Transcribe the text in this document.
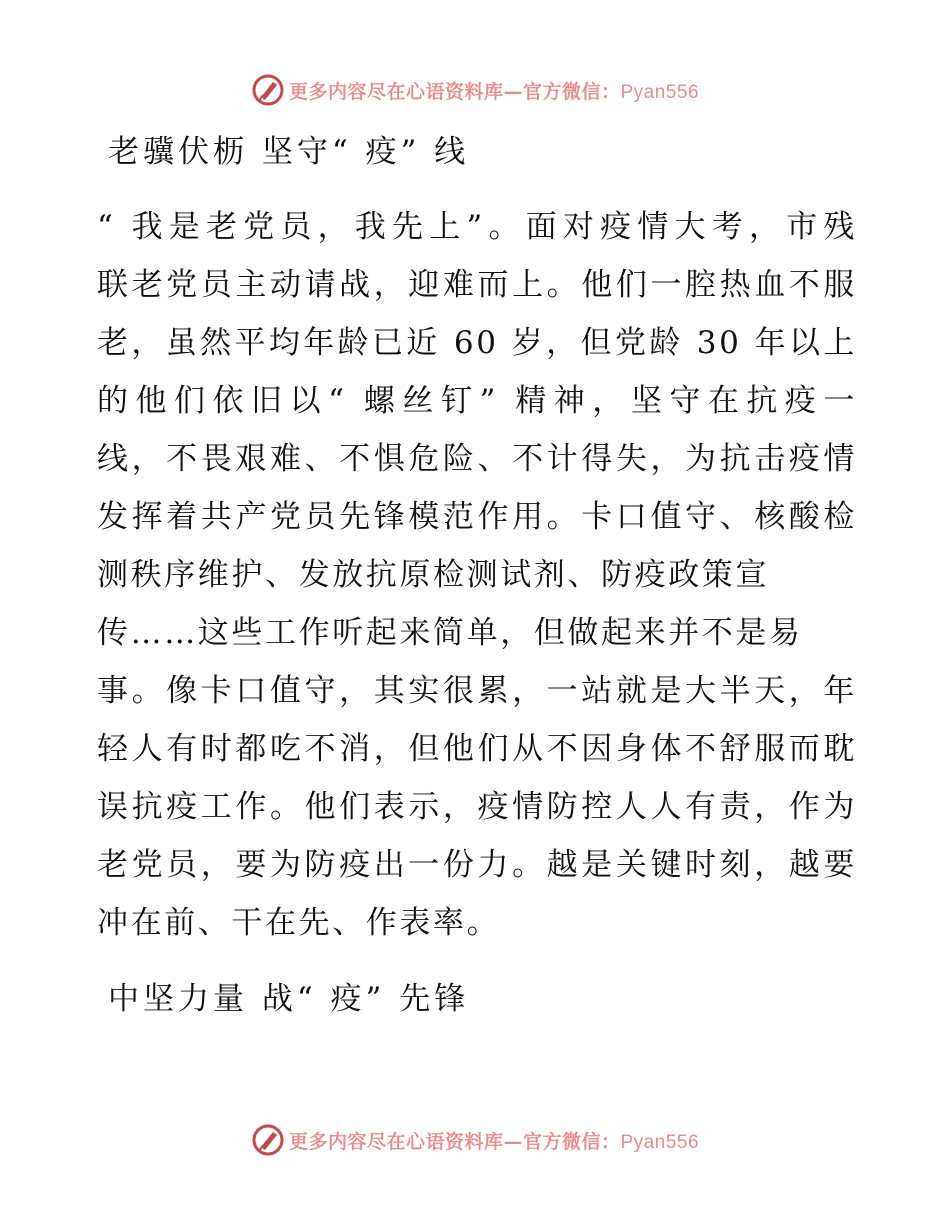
更多内容尽在心语资料库—官方微信：Pyan556
老骥伏枥 坚守“ 疫” 线
“ 我是老党员，我先上”。面对疫情大考，市残
联老党员主动请战，迎难而上。他们一腔热血不服
老，虽然平均年龄已近 60 岁，但党龄 30 年以上
的他们依旧以“ 螺丝钉” 精神，坚守在抗疫一
线，不畏艰难、不惧危险、不计得失，为抗击疫情
发挥着共产党员先锋模范作用。卡口值守、核酸检
测秩序维护、发放抗原检测试剂、防疫政策宣
传……这些工作听起来简单，但做起来并不是易
事。像卡口值守，其实很累，一站就是大半天，年
轻人有时都吃不消，但他们从不因身体不舒服而耽
误抗疫工作。他们表示，疫情防控人人有责，作为
老党员，要为防疫出一份力。越是关键时刻，越要
冲在前、干在先、作表率。
中坚力量 战“ 疫” 先锋
更多内容尽在心语资料库—官方微信：Pyan556
